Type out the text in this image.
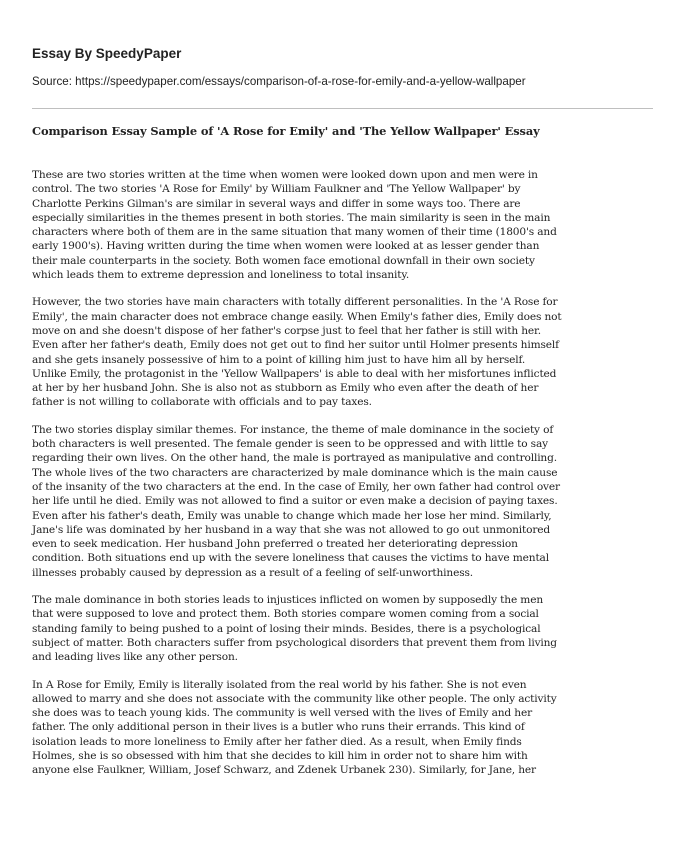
Essay By SpeedyPaper
Source: https://speedypaper.com/essays/comparison-of-a-rose-for-emily-and-a-yellow-wallpaper
Comparison Essay Sample of 'A Rose for Emily' and 'The Yellow Wallpaper' Essay

These are two stories written at the time when women were looked down upon and men were in
control. The two stories 'A Rose for Emily' by William Faulkner and 'The Yellow Wallpaper' by
Charlotte Perkins Gilman's are similar in several ways and differ in some ways too. There are
especially similarities in the themes present in both stories. The main similarity is seen in the main
characters where both of them are in the same situation that many women of their time (1800's and
early 1900's). Having written during the time when women were looked at as lesser gender than
their male counterparts in the society. Both women face emotional downfall in their own society
which leads them to extreme depression and loneliness to total insanity.

However, the two stories have main characters with totally different personalities. In the 'A Rose for
Emily', the main character does not embrace change easily. When Emily's father dies, Emily does not
move on and she doesn't dispose of her father's corpse just to feel that her father is still with her.
Even after her father's death, Emily does not get out to find her suitor until Holmer presents himself
and she gets insanely possessive of him to a point of killing him just to have him all by herself.
Unlike Emily, the protagonist in the 'Yellow Wallpapers' is able to deal with her misfortunes inflicted
at her by her husband John. She is also not as stubborn as Emily who even after the death of her
father is not willing to collaborate with officials and to pay taxes.

The two stories display similar themes. For instance, the theme of male dominance in the society of
both characters is well presented. The female gender is seen to be oppressed and with little to say
regarding their own lives. On the other hand, the male is portrayed as manipulative and controlling.
The whole lives of the two characters are characterized by male dominance which is the main cause
of the insanity of the two characters at the end. In the case of Emily, her own father had control over
her life until he died. Emily was not allowed to find a suitor or even make a decision of paying taxes.
Even after his father's death, Emily was unable to change which made her lose her mind. Similarly,
Jane's life was dominated by her husband in a way that she was not allowed to go out unmonitored
even to seek medication. Her husband John preferred o treated her deteriorating depression
condition. Both situations end up with the severe loneliness that causes the victims to have mental
illnesses probably caused by depression as a result of a feeling of self-unworthiness.

The male dominance in both stories leads to injustices inflicted on women by supposedly the men
that were supposed to love and protect them. Both stories compare women coming from a social
standing family to being pushed to a point of losing their minds. Besides, there is a psychological
subject of matter. Both characters suffer from psychological disorders that prevent them from living
and leading lives like any other person.

In A Rose for Emily, Emily is literally isolated from the real world by his father. She is not even
allowed to marry and she does not associate with the community like other people. The only activity
she does was to teach young kids. The community is well versed with the lives of Emily and her
father. The only additional person in their lives is a butler who runs their errands. This kind of
isolation leads to more loneliness to Emily after her father died. As a result, when Emily finds
Holmes, she is so obsessed with him that she decides to kill him in order not to share him with
anyone else Faulkner, William, Josef Schwarz, and Zdenek Urbanek 230). Similarly, for Jane, her
